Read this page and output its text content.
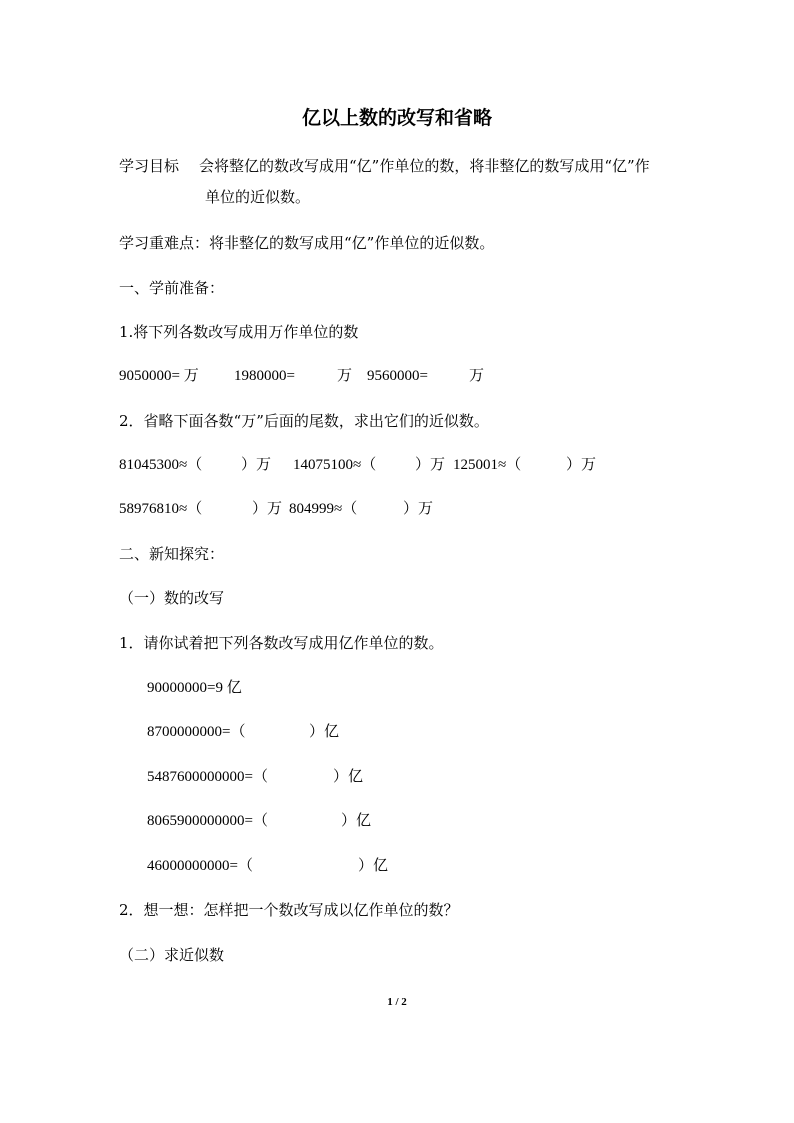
亿以上数的改写和省略
学习目标 会将整亿的数改写成用“亿”作单位的数，将非整亿的数写成用“亿”作
单位的近似数。
学习重难点：将非整亿的数写成用“亿”作单位的近似数。
一、学前准备：
1.将下列各数改写成用万作单位的数

9050000= 万

1980000=

	万

9560000=

	万

2．省略下面各数“万”后面的尾数，求出它们的近似数。

81045300≈（

	）万

14075100≈（

	）万

125001≈（

	）万

58976810≈（

	）万

804999≈（

	）万

二、新知探究：
（一）数的改写
1．请你试着把下列各数改写成用亿作单位的数。
90000000=9 亿

8700000000=（

	）亿

5487600000000=（

	）亿

8065900000000=（

	）亿

46000000000=（

	）亿

2．想一想：怎样把一个数改写成以亿作单位的数？
（二）求近似数
1 / 2
